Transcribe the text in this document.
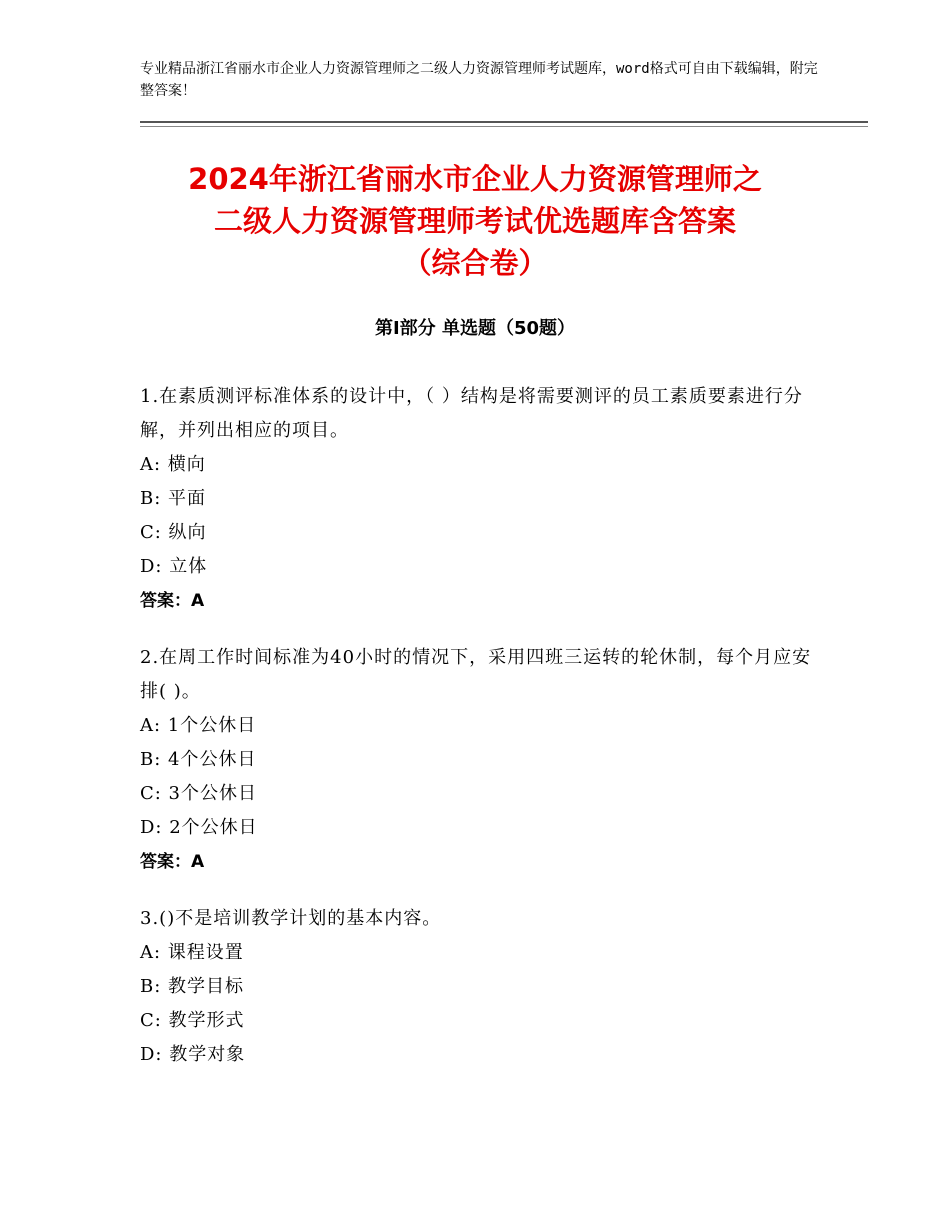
专业精品浙江省丽水市企业人力资源管理师之二级人力资源管理师考试题库，word格式可自由下载编辑，附完整答案！
2024年浙江省丽水市企业人力资源管理师之
二级人力资源管理师考试优选题库含答案
（综合卷）
第Ⅰ部分 单选题（50题）
1.在素质测评标准体系的设计中，（ ）结构是将需要测评的员工素质要素进行分解，并列出相应的项目。
A: 横向
B: 平面
C: 纵向
D: 立体
答案：A
2.在周工作时间标准为40小时的情况下，采用四班三运转的轮休制，每个月应安排( )。
A: 1个公休日
B: 4个公休日
C: 3个公休日
D: 2个公休日
答案：A
3.()不是培训教学计划的基本内容。
A: 课程设置
B: 教学目标
C: 教学形式
D: 教学对象
